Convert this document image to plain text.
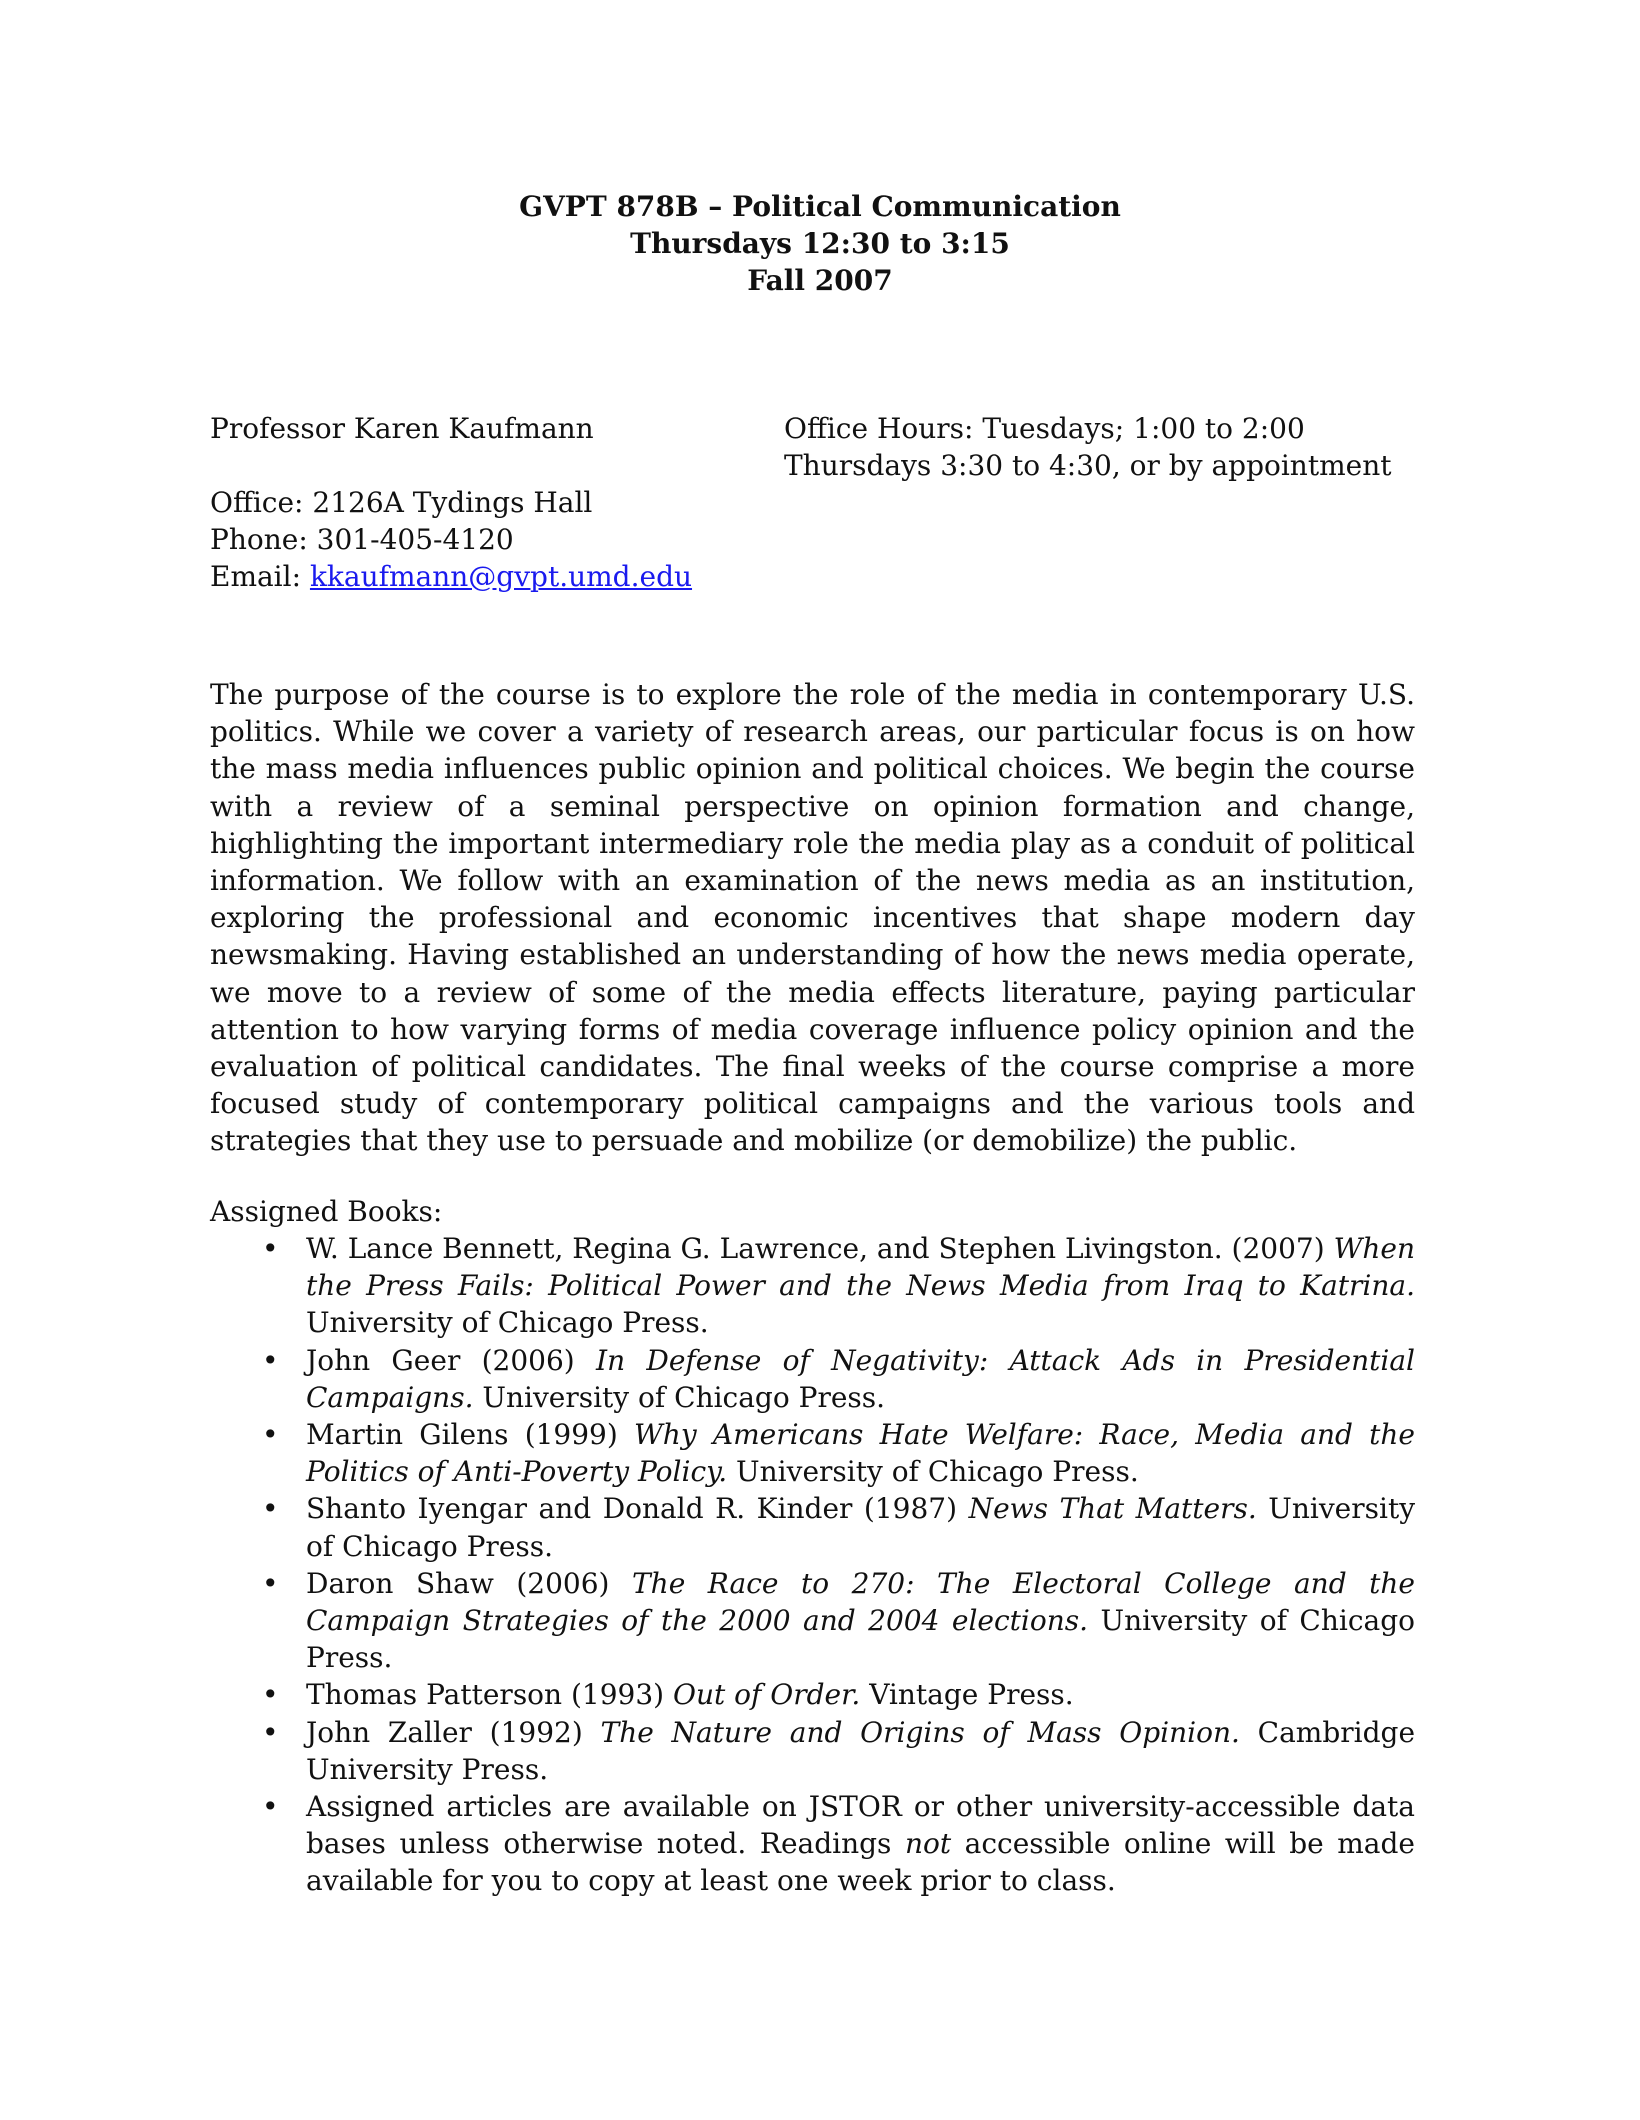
GVPT 878B – Political Communication
Thursdays 12:30 to 3:15
Fall 2007
Professor Karen Kaufmann
Office: 2126A Tydings Hall
Phone: 301-405-4120
Email: kkaufmann@gvpt.umd.edu
Office Hours: Tuesdays; 1:00 to 2:00
Thursdays 3:30 to 4:30, or by appointment

The purpose of the course is to explore the role of the media in contemporary U.S. politics. While we cover a variety of research areas, our particular focus is on how the mass media influences public opinion and political choices. We begin the course with a review of a seminal perspective on opinion formation and change, highlighting the important intermediary role the media play as a conduit of political information. We follow with an examination of the news media as an institution, exploring the professional and economic incentives that shape modern day newsmaking. Having established an understanding of how the news media operate, we move to a review of some of the media effects literature, paying particular attention to how varying forms of media coverage influence policy opinion and the evaluation of political candidates. The final weeks of the course comprise a more focused study of contemporary political campaigns and the various tools and strategies that they use to persuade and mobilize (or demobilize) the public.

Assigned Books:
• W. Lance Bennett, Regina G. Lawrence, and Stephen Livingston. (2007) When the Press Fails: Political Power and the News Media from Iraq to Katrina. University of Chicago Press.
• John Geer (2006) In Defense of Negativity: Attack Ads in Presidential Campaigns. University of Chicago Press.
• Martin Gilens (1999) Why Americans Hate Welfare: Race, Media and the Politics of Anti-Poverty Policy. University of Chicago Press.
• Shanto Iyengar and Donald R. Kinder (1987) News That Matters. University of Chicago Press.
• Daron Shaw (2006) The Race to 270: The Electoral College and the Campaign Strategies of the 2000 and 2004 elections. University of Chicago Press.
• Thomas Patterson (1993) Out of Order. Vintage Press.
• John Zaller (1992) The Nature and Origins of Mass Opinion. Cambridge University Press.
• Assigned articles are available on JSTOR or other university-accessible data bases unless otherwise noted. Readings not accessible online will be made available for you to copy at least one week prior to class.
